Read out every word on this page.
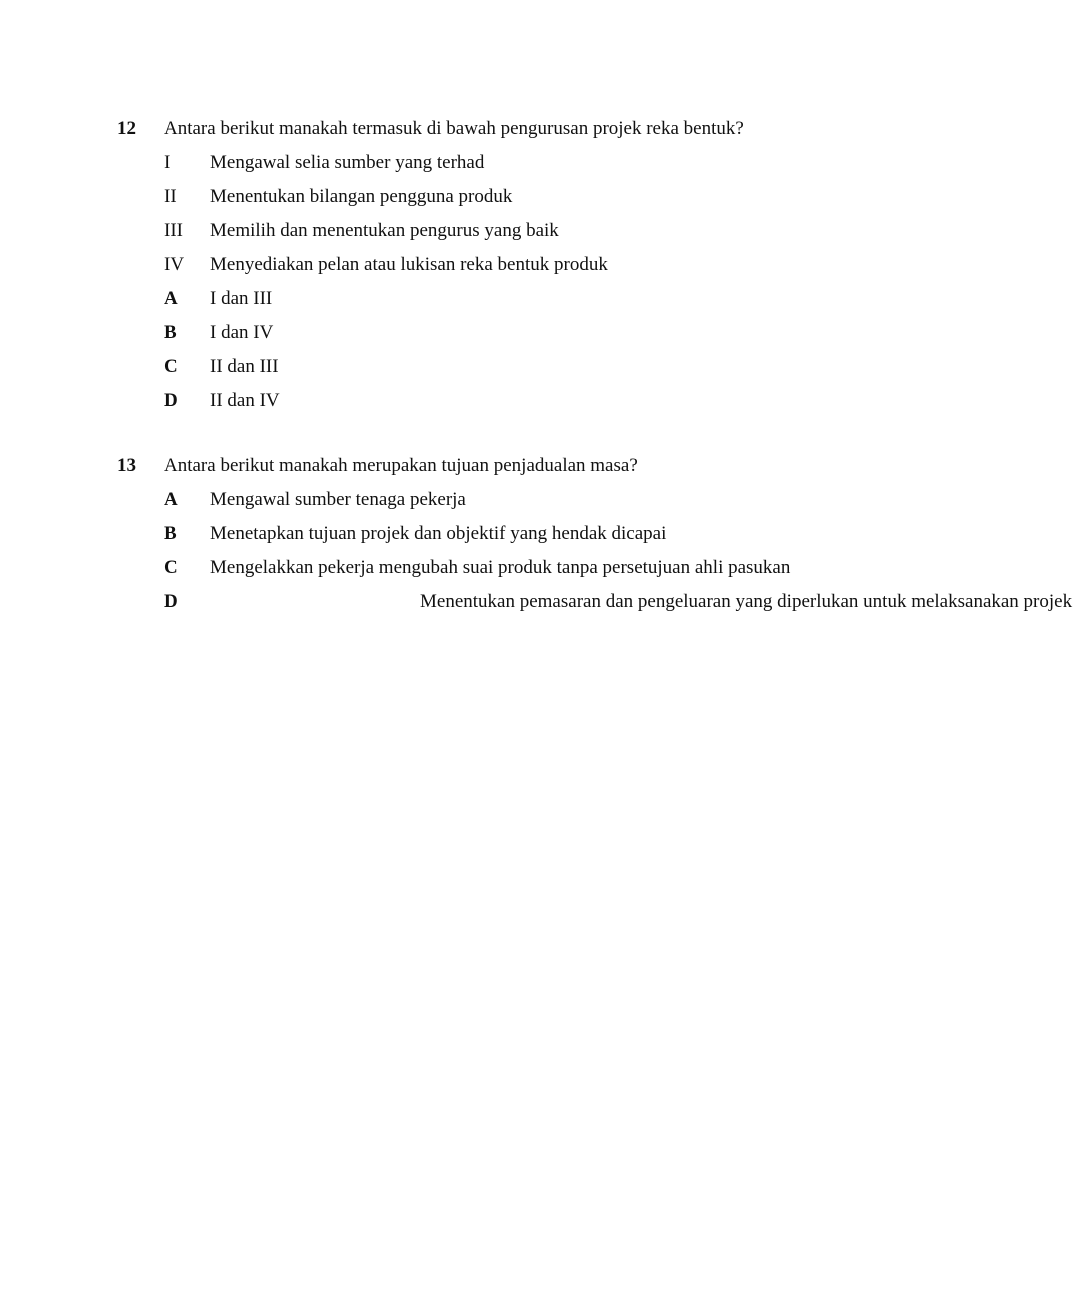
12 Antara berikut manakah termasuk di bawah pengurusan projek reka bentuk?
I Mengawal selia sumber yang terhad
II Menentukan bilangan pengguna produk
III Memilih dan menentukan pengurus yang baik
IV Menyediakan pelan atau lukisan reka bentuk produk
A I dan III
B I dan IV
C II dan III
D II dan IV
13 Antara berikut manakah merupakan tujuan penjadualan masa?
A Mengawal sumber tenaga pekerja
B Menetapkan tujuan projek dan objektif yang hendak dicapai
C Mengelakkan pekerja mengubah suai produk tanpa persetujuan ahli pasukan
D	Menentukan pemasaran dan pengeluaran yang diperlukan untuk melaksanakan projek
